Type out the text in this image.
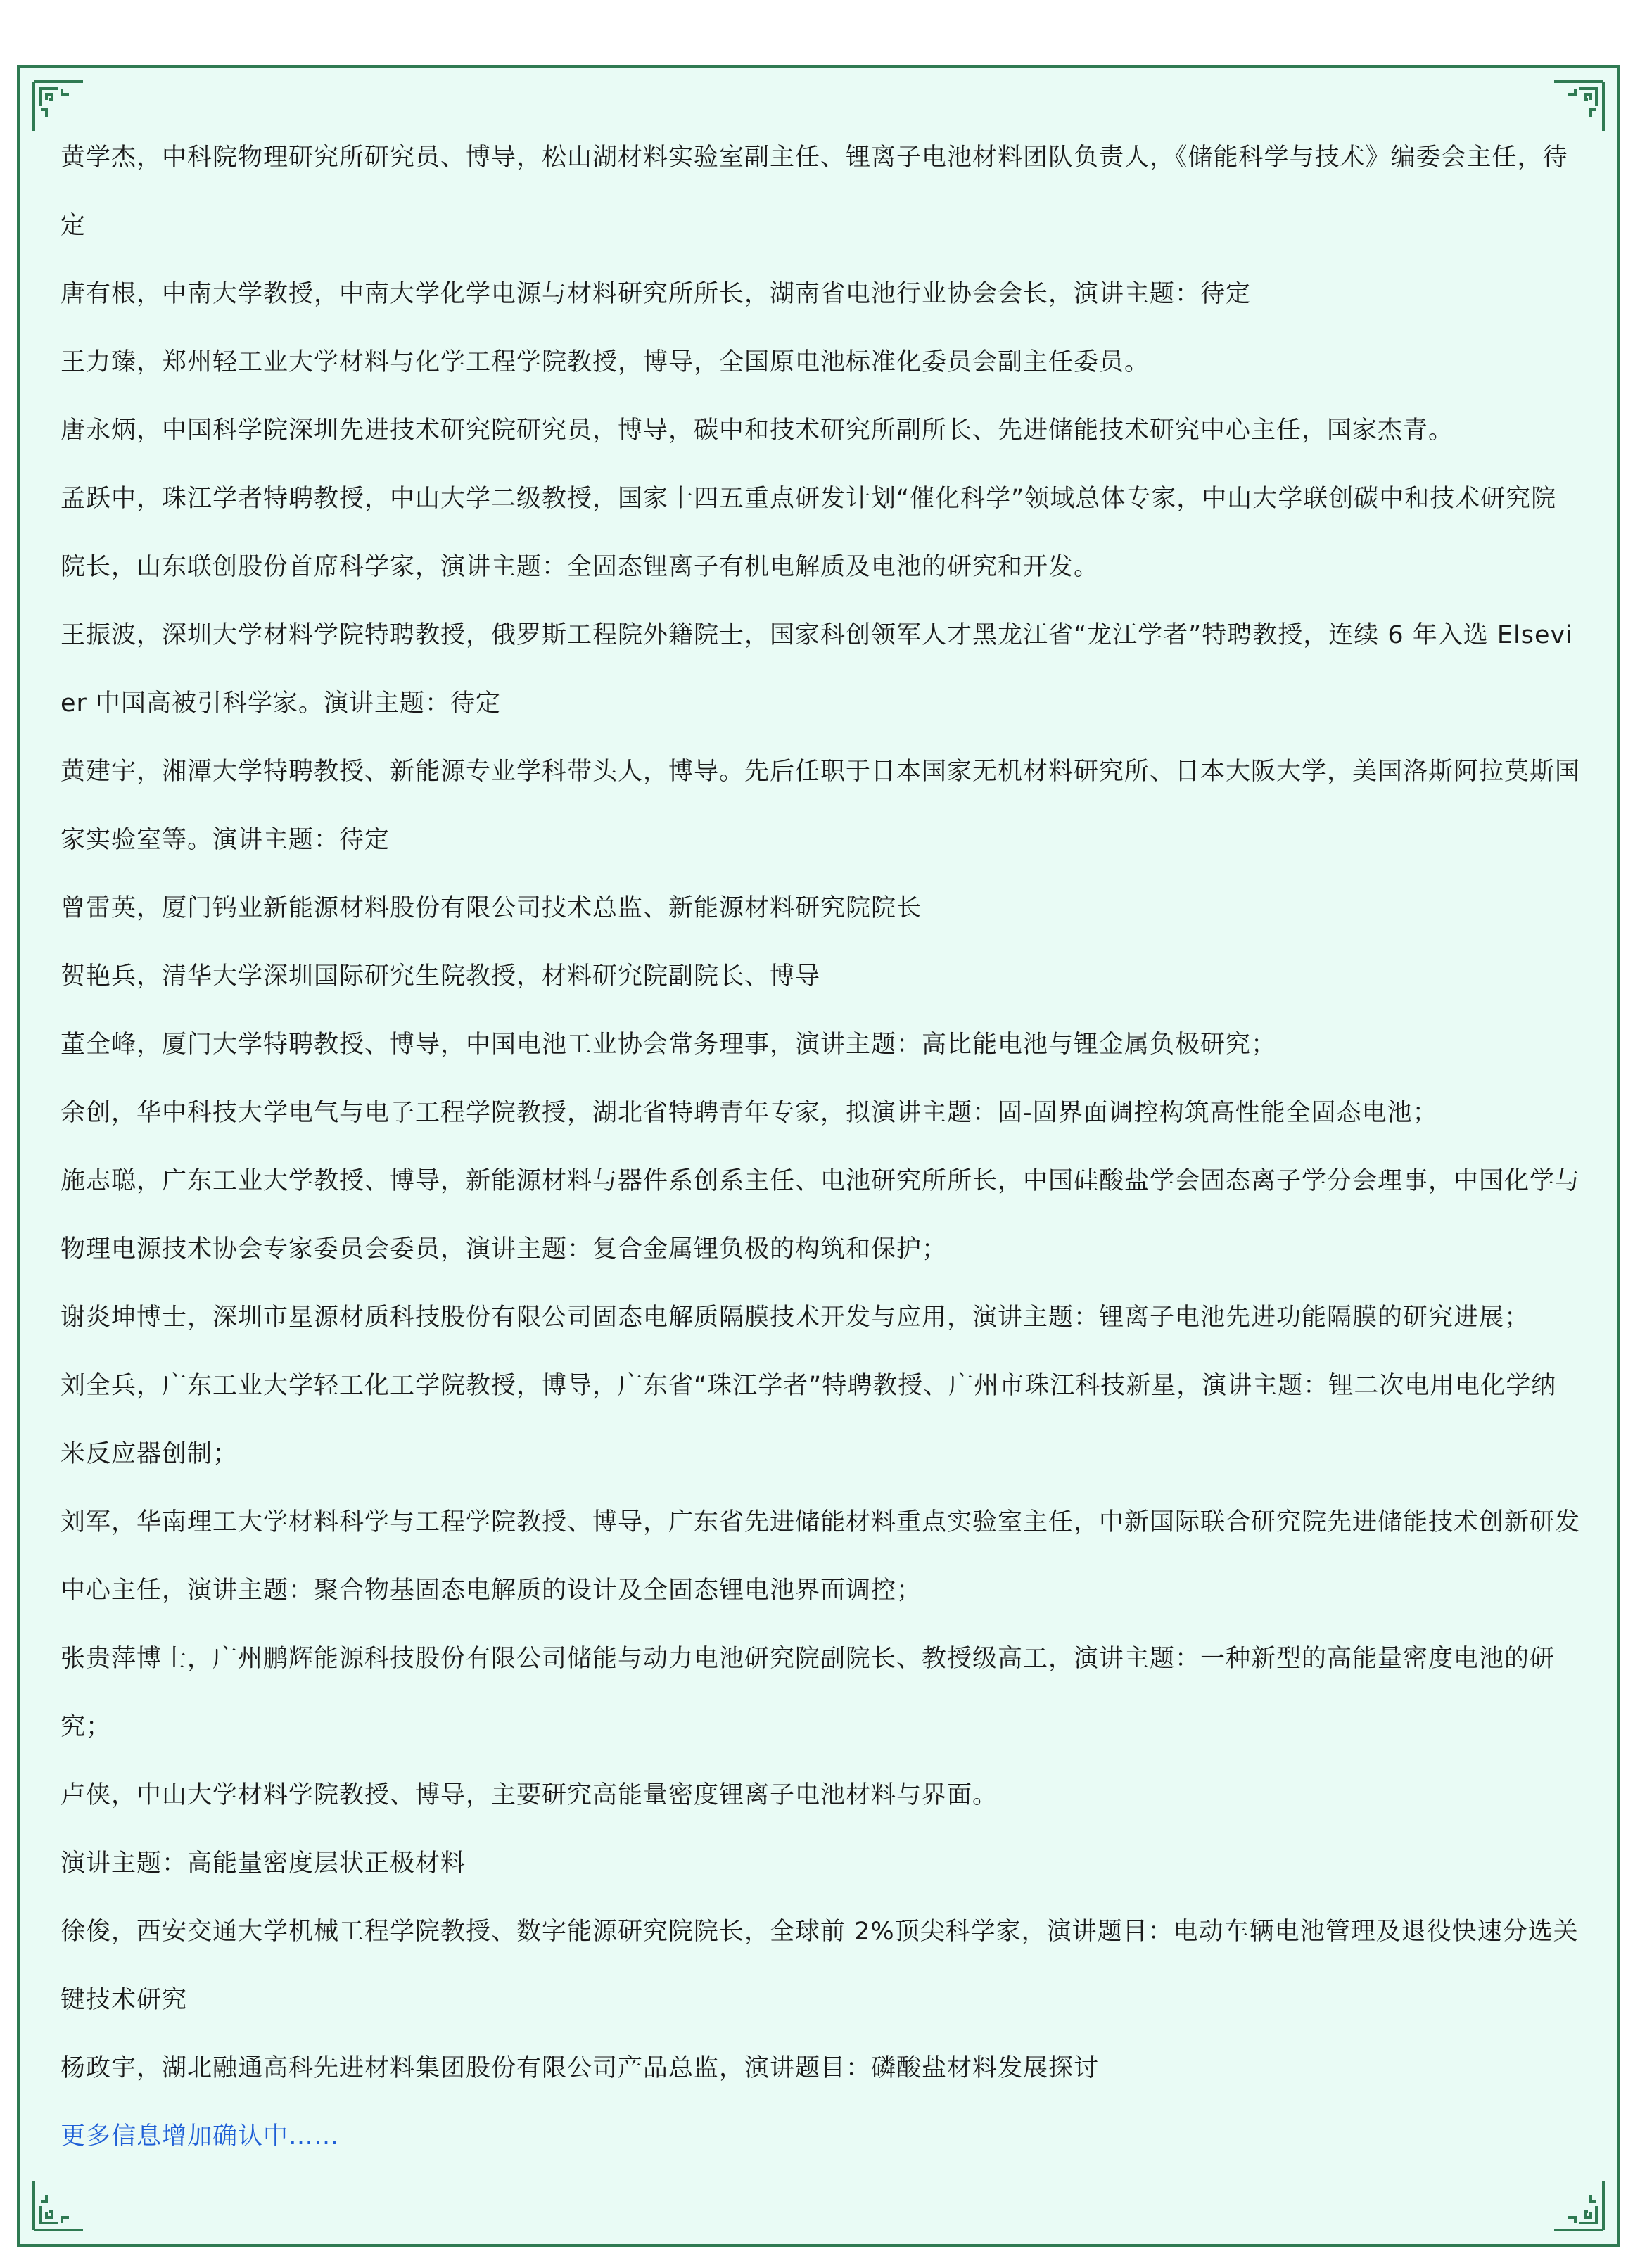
黄学杰，中科院物理研究所研究员、博导，松山湖材料实验室副主任、锂离子电池材料团队负责人，《储能科学与技术》编委会主任，待定

唐有根，中南大学教授，中南大学化学电源与材料研究所所长，湖南省电池行业协会会长，演讲主题：待定

王力臻，郑州轻工业大学材料与化学工程学院教授，博导，全国原电池标准化委员会副主任委员。

唐永炳，中国科学院深圳先进技术研究院研究员，博导，碳中和技术研究所副所长、先进储能技术研究中心主任，国家杰青。

孟跃中，珠江学者特聘教授，中山大学二级教授，国家十四五重点研发计划“催化科学”领域总体专家，中山大学联创碳中和技术研究院院长，山东联创股份首席科学家，演讲主题：全固态锂离子有机电解质及电池的研究和开发。

王振波，深圳大学材料学院特聘教授，俄罗斯工程院外籍院士，国家科创领军人才黑龙江省“龙江学者”特聘教授，连续 6 年入选 Elsevier 中国高被引科学家。演讲主题：待定

黄建宇，湘潭大学特聘教授、新能源专业学科带头人，博导。先后任职于日本国家无机材料研究所、日本大阪大学，美国洛斯阿拉莫斯国家实验室等。演讲主题：待定

曾雷英，厦门钨业新能源材料股份有限公司技术总监、新能源材料研究院院长

贺艳兵，清华大学深圳国际研究生院教授，材料研究院副院长、博导

董全峰，厦门大学特聘教授、博导，中国电池工业协会常务理事，演讲主题：高比能电池与锂金属负极研究；

余创，华中科技大学电气与电子工程学院教授，湖北省特聘青年专家，拟演讲主题：固-固界面调控构筑高性能全固态电池；

施志聪，广东工业大学教授、博导，新能源材料与器件系创系主任、电池研究所所长，中国硅酸盐学会固态离子学分会理事，中国化学与物理电源技术协会专家委员会委员，演讲主题：复合金属锂负极的构筑和保护；

谢炎坤博士，深圳市星源材质科技股份有限公司固态电解质隔膜技术开发与应用，演讲主题：锂离子电池先进功能隔膜的研究进展；

刘全兵，广东工业大学轻工化工学院教授，博导，广东省“珠江学者”特聘教授、广州市珠江科技新星，演讲主题：锂二次电用电化学纳米反应器创制；

刘军，华南理工大学材料科学与工程学院教授、博导，广东省先进储能材料重点实验室主任，中新国际联合研究院先进储能技术创新研发中心主任，演讲主题：聚合物基固态电解质的设计及全固态锂电池界面调控；

张贵萍博士，广州鹏辉能源科技股份有限公司储能与动力电池研究院副院长、教授级高工，演讲主题：一种新型的高能量密度电池的研究；

卢侠，中山大学材料学院教授、博导，主要研究高能量密度锂离子电池材料与界面。

演讲主题：高能量密度层状正极材料

徐俊，西安交通大学机械工程学院教授、数字能源研究院院长，全球前 2%顶尖科学家，演讲题目：电动车辆电池管理及退役快速分选关键技术研究

杨政宇，湖北融通高科先进材料集团股份有限公司产品总监，演讲题目：磷酸盐材料发展探讨

更多信息增加确认中……
